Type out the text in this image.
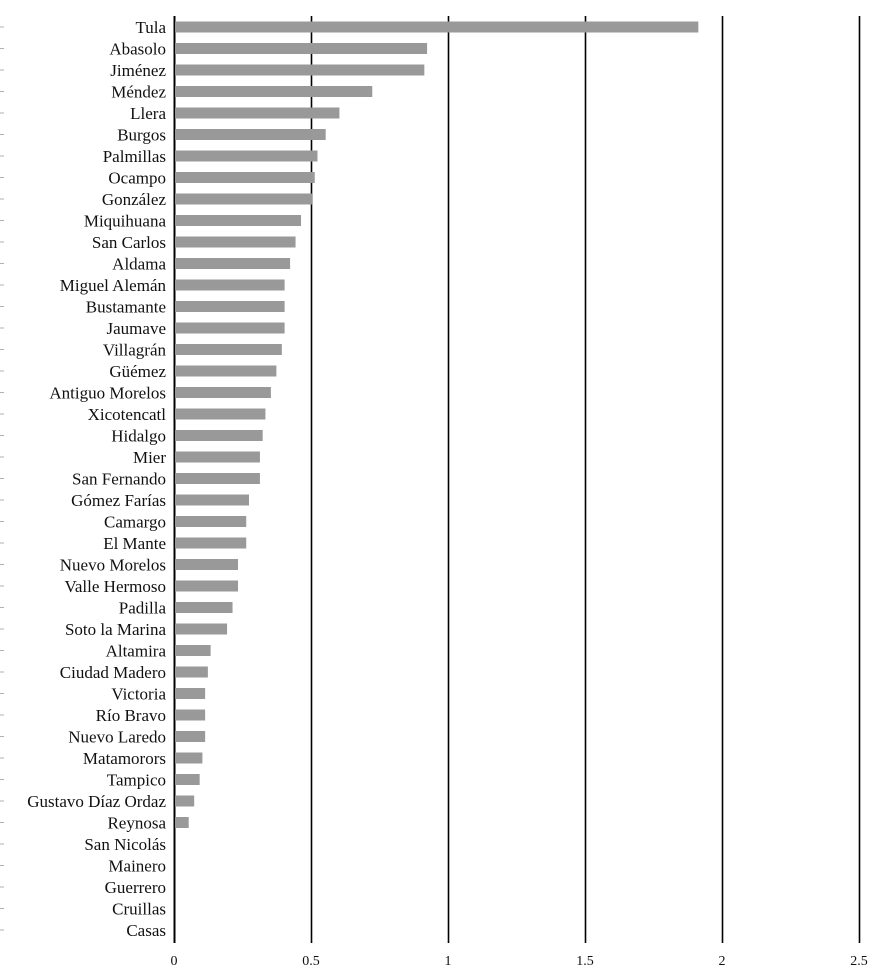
Tula
Abasolo
Jiménez
Méndez
Llera
Burgos
Palmillas
Ocampo
González
Miquihuana
San Carlos
Aldama
Miguel Alemán
Bustamante
Jaumave
Villagrán
Güémez
Antiguo Morelos
Xicotencatl
Hidalgo
Mier
San Fernando
Gómez Farías
Camargo
El Mante
Nuevo Morelos
Valle Hermoso
Padilla
Soto la Marina
Altamira
Ciudad Madero
Victoria
Río Bravo
Nuevo Laredo
Matamorors
Tampico
Gustavo Díaz Ordaz
Reynosa
San Nicolás
Mainero
Guerrero
Cruillas
Casas
0	0.5	1	1.5	2	2.5
